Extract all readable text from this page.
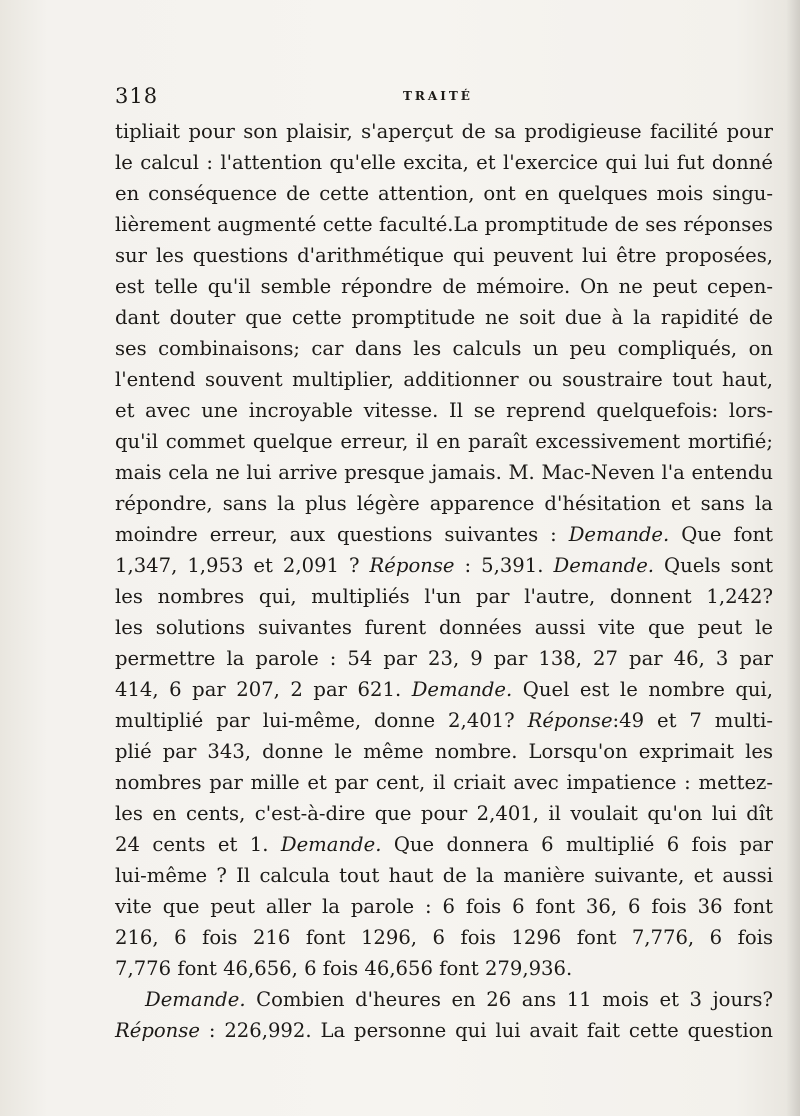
318	TRAITÉ
tipliait pour son plaisir, s'aperçut de sa prodigieuse facilité pour
le calcul : l'attention qu'elle excita, et l'exercice qui lui fut donné
en conséquence de cette attention, ont en quelques mois singu-
lièrement augmenté cette faculté.La promptitude de ses réponses
sur les questions d'arithmétique qui peuvent lui être proposées,
est telle qu'il semble répondre de mémoire. On ne peut cepen-
dant douter que cette promptitude ne soit due à la rapidité de
ses combinaisons; car dans les calculs un peu compliqués, on
l'entend souvent multiplier, additionner ou soustraire tout haut,
et avec une incroyable vitesse. Il se reprend quelquefois: lors-
qu'il commet quelque erreur, il en paraît excessivement mortifié;
mais cela ne lui arrive presque jamais. M. Mac-Neven l'a entendu
répondre, sans la plus légère apparence d'hésitation et sans la
moindre erreur, aux questions suivantes : Demande. Que font
1,347, 1,953 et 2,091 ? Réponse : 5,391. Demande. Quels sont
les nombres qui, multipliés l'un par l'autre, donnent 1,242?
les solutions suivantes furent données aussi vite que peut le
permettre la parole : 54 par 23, 9 par 138, 27 par 46, 3 par
414, 6 par 207, 2 par 621. Demande. Quel est le nombre qui,
multiplié par lui-même, donne 2,401? Réponse:49 et 7 multi-
plié par 343, donne le même nombre. Lorsqu'on exprimait les
nombres par mille et par cent, il criait avec impatience : mettez-
les en cents, c'est-à-dire que pour 2,401, il voulait qu'on lui dît
24 cents et 1. Demande. Que donnera 6 multiplié 6 fois par
lui-même ? Il calcula tout haut de la manière suivante, et aussi
vite que peut aller la parole : 6 fois 6 font 36, 6 fois 36 font
216, 6 fois 216 font 1296, 6 fois 1296 font 7,776, 6 fois
7,776 font 46,656, 6 fois 46,656 font 279,936.
Demande. Combien d'heures en 26 ans 11 mois et 3 jours?
Réponse : 226,992. La personne qui lui avait fait cette question
